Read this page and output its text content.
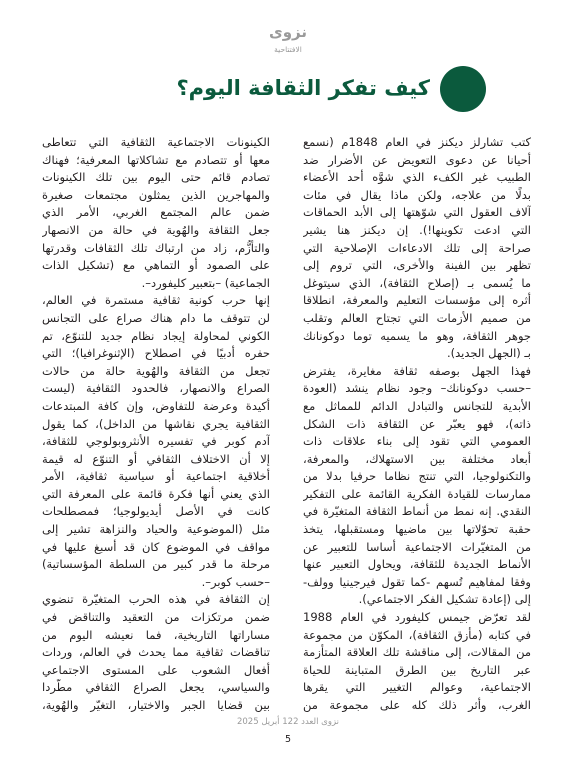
نزوى
الافتتاحية
كيف تفكر الثقافة اليوم؟
كتب تشارلز ديكنز في العام 1848م (نسمع
أحيانا عن دعوى التعويض عن الأضرار ضد
الطبيب غير الكفء الذي شوَّه أحد الأعضاء
بدلًا من علاجه، ولكن ماذا يقال في مئات
آلاف العقول التي شوّهتها إلى الأبد الحماقات
التي ادعت تكوينها!). إن ديكنز هنا يشير
صراحة إلى تلك الادعاءات الإصلاحية التي
تظهر بين الفينة والأخرى، التي تروم إلى
ما يُسمى بـ (إصلاح الثقافة)، الذي سيتوغل
أثره إلى مؤسسات التعليم والمعرفة، انطلاقا
من صميم الأزمات التي تجتاح العالم وتقلب
جوهر الثقافة، وهو ما يسميه توما دوكونانك
بـ (الجهل الجديد).
فهذا الجهل بوصفه ثقافة مغايرة، يفترض
–حسب دوكونانك– وجود نظام ينشد (العودة
الأبدية للتجانس والتبادل الدائم للمماثل مع
ذاته)، فهو يعبّر عن الثقافة ذات الشكل
العمومي التي تقود إلى بناء علاقات ذات
أبعاد مختلفة بين الاستهلاك، والمعرفة،
والتكنولوجيا، التي تنتج نظاما حرفيا بدلا من
ممارسات للقيادة الفكرية القائمة على التفكير
النقدي. إنه نمط من أنماط الثقافة المتغيّرة في
حقبة تحوّلاتها بين ماضيها ومستقبلها، يتخذ
من المتغيّرات الاجتماعية أساسا للتعبير عن
الأنماط الجديدة للثقافة، ويحاول التعبير عنها
وفقا لمفاهيم تُسهم -كما تقول فيرجينيا وولف-
إلى (إعادة تشكيل الفكر الاجتماعي).
لقد تعرّض جيمس كليفورد في العام 1988
في كتابه (مأزق الثقافة)، المكوّن من مجموعة
من المقالات، إلى مناقشة تلك العلاقة المتأزمة
عبر التاريخ بين الطرق المتباينة للحياة
الاجتماعية، وعوالم التغيير التي يقرها
الغرب، وأثر ذلك كله على مجموعة من
الكينونات الاجتماعية الثقافية التي تتعاطى
معها أو تتصادم مع تشاكلاتها المعرفية؛ فهناك
تصادم قائم حتى اليوم بين تلك الكينونات
والمهاجرين الذين يمثلون مجتمعات صغيرة
ضمن عالم المجتمع الغربي، الأمر الذي
جعل الثقافة والهُوية في حالة من الانصهار
والتأزُّم، زاد من ارتباك تلك الثقافات وقدرتها
على الصمود أو التماهي مع (تشكيل الذات
الجماعية) –بتعبير كليفورد–.
إنها حرب كونية ثقافية مستمرة في العالم،
لن تتوقف ما دام هناك صراع على التجانس
الكوني لمحاولة إيجاد نظام جديد للتنوّع، تم
حفره أدبيًا في اصطلاح (الإثنوغرافيا)؛ التي
تجعل من الثقافة والهُوية حالة من حالات
الصراع والانصهار، فالحدود الثقافية (ليست
أكيدة وعرضة للتفاوض، وإن كافة المبتدعات
الثقافية يجري نقاشها من الداخل)، كما يقول
آدم كوبر في تفسيره الأنثروبولوجي للثقافة،
إلا أن الاختلاف الثقافي أو التنوّع له قيمة
أخلاقية اجتماعية أو سياسية ثقافية، الأمر
الذي يعني أنها فكرة قائمة على المعرفة التي
كانت في الأصل أيديولوجيا؛ فمصطلحات
مثل (الموضوعية والحياد والنزاهة تشير إلى
مواقف في الموضوع كان قد أسبغ عليها في
مرحلة ما قدر كبير من السلطة المؤسساتية)
–حسب كوبر–.
إن الثقافة في هذه الحرب المتغيّرة تنضوي
ضمن مرتكزات من التعقيد والتناقض في
مساراتها التاريخية، فما نعيشه اليوم من
تناقضات ثقافية مما يحدث في العالم، وردات
أفعال الشعوب على المستوى الاجتماعي
والسياسي، يجعل الصراع الثقافي مطّردا
بين قضايا الجبر والاختيار، التغيّر والهُوية،
نزوى العدد 122 أبريل 2025
5
